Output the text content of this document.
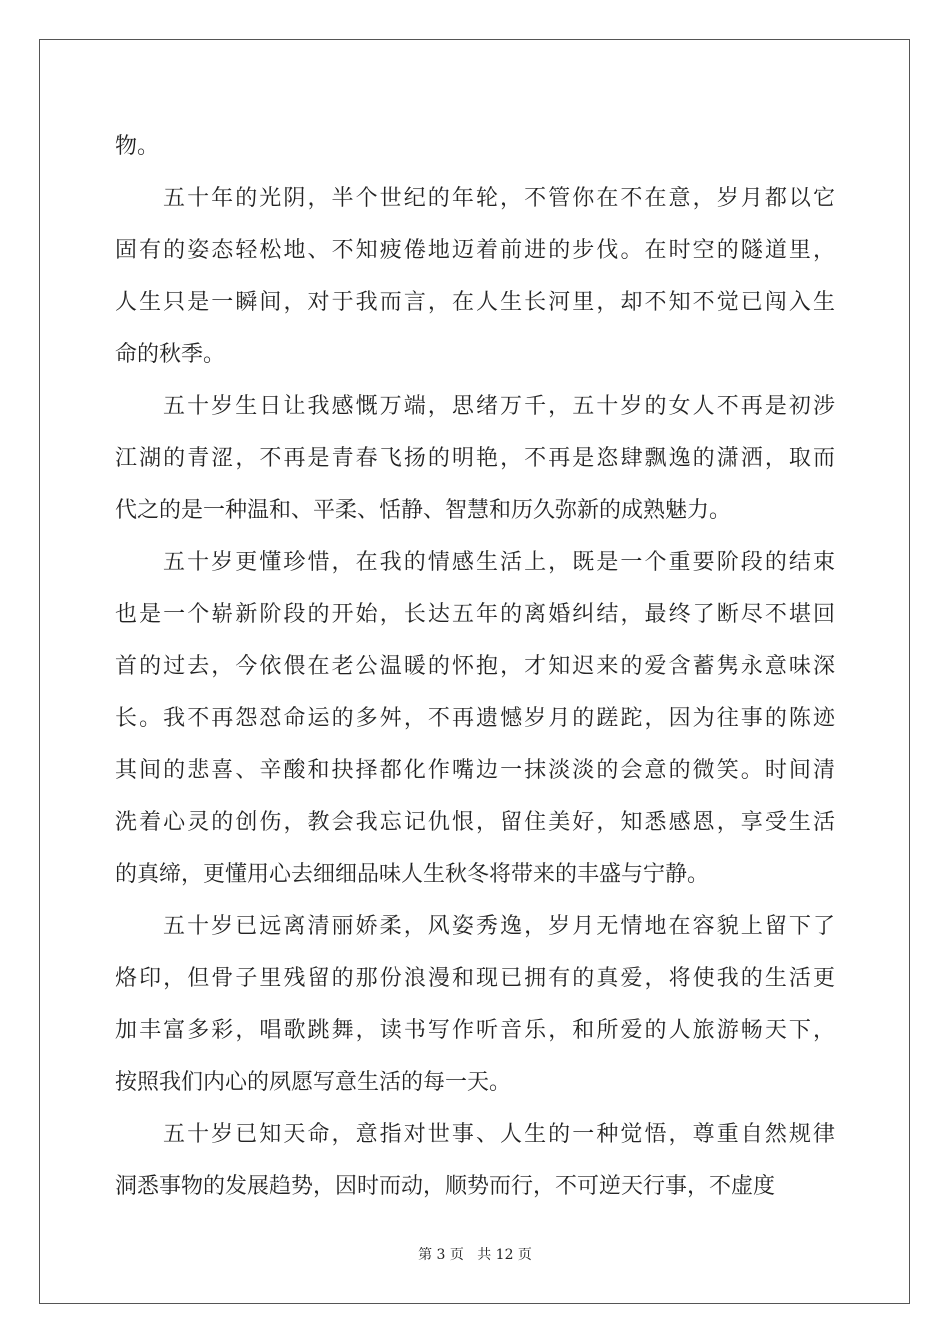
物。
五十年的光阴，半个世纪的年轮，不管你在不在意，岁月都以它
固有的姿态轻松地、不知疲倦地迈着前进的步伐。在时空的隧道里，
人生只是一瞬间，对于我而言，在人生长河里，却不知不觉已闯入生
命的秋季。
五十岁生日让我感慨万端，思绪万千，五十岁的女人不再是初涉
江湖的青涩，不再是青春飞扬的明艳，不再是恣肆飘逸的潇洒，取而
代之的是一种温和、平柔、恬静、智慧和历久弥新的成熟魅力。
五十岁更懂珍惜，在我的情感生活上，既是一个重要阶段的结束
也是一个崭新阶段的开始，长达五年的离婚纠结，最终了断尽不堪回
首的过去，今依偎在老公温暖的怀抱，才知迟来的爱含蓄隽永意味深
长。我不再怨怼命运的多舛，不再遗憾岁月的蹉跎，因为往事的陈迹
其间的悲喜、辛酸和抉择都化作嘴边一抹淡淡的会意的微笑。时间清
洗着心灵的创伤，教会我忘记仇恨，留住美好，知悉感恩，享受生活
的真缔，更懂用心去细细品味人生秋冬将带来的丰盛与宁静。
五十岁已远离清丽娇柔，风姿秀逸，岁月无情地在容貌上留下了
烙印，但骨子里残留的那份浪漫和现已拥有的真爱，将使我的生活更
加丰富多彩，唱歌跳舞，读书写作听音乐，和所爱的人旅游畅天下，
按照我们内心的夙愿写意生活的每一天。
五十岁已知天命，意指对世事、人生的一种觉悟，尊重自然规律
洞悉事物的发展趋势，因时而动，顺势而行，不可逆天行事，不虚度
第 3 页   共 12 页
